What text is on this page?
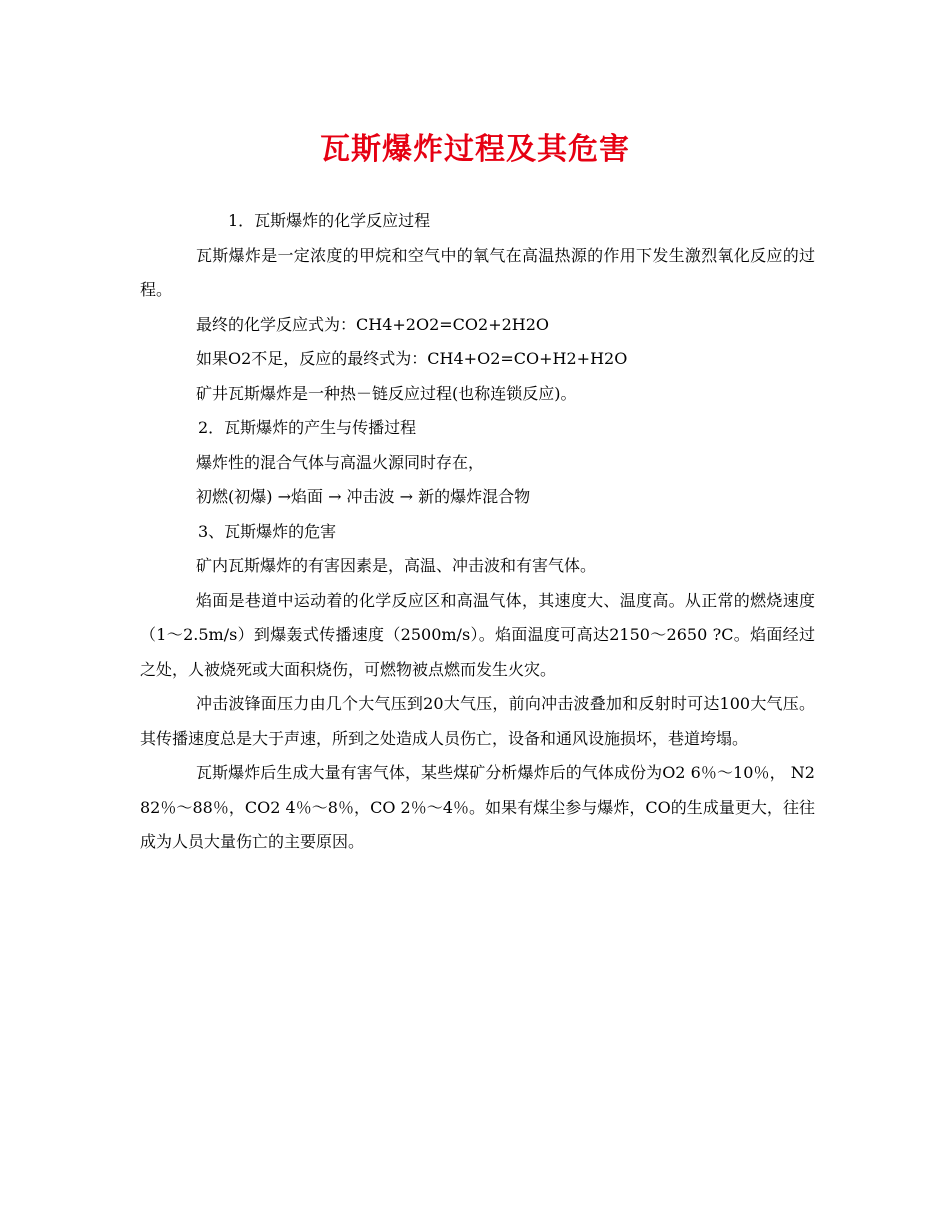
瓦斯爆炸过程及其危害

1．瓦斯爆炸的化学反应过程

瓦斯爆炸是一定浓度的甲烷和空气中的氧气在高温热源的作用下发生激烈氧化反应的过程。

最终的化学反应式为：CH4+2O2=CO2+2H2O

如果O2不足，反应的最终式为：CH4+O2=CO+H2+H2O

矿井瓦斯爆炸是一种热－链反应过程(也称连锁反应)。

2．瓦斯爆炸的产生与传播过程

爆炸性的混合气体与高温火源同时存在，

初燃(初爆) →焰面 → 冲击波 → 新的爆炸混合物

3、瓦斯爆炸的危害

矿内瓦斯爆炸的有害因素是，高温、冲击波和有害气体。

焰面是巷道中运动着的化学反应区和高温气体，其速度大、温度高。从正常的燃烧速度（1～2.5m/s）到爆轰式传播速度（2500m/s）。焰面温度可高达2150～2650 ?C。焰面经过之处，人被烧死或大面积烧伤，可燃物被点燃而发生火灾。

冲击波锋面压力由几个大气压到20大气压，前向冲击波叠加和反射时可达100大气压。其传播速度总是大于声速，所到之处造成人员伤亡，设备和通风设施损坏，巷道垮塌。

瓦斯爆炸后生成大量有害气体，某些煤矿分析爆炸后的气体成份为O2 6％～10％， N2 82％～88％，CO2 4％～8％，CO 2％～4％。如果有煤尘参与爆炸，CO的生成量更大，往往成为人员大量伤亡的主要原因。
